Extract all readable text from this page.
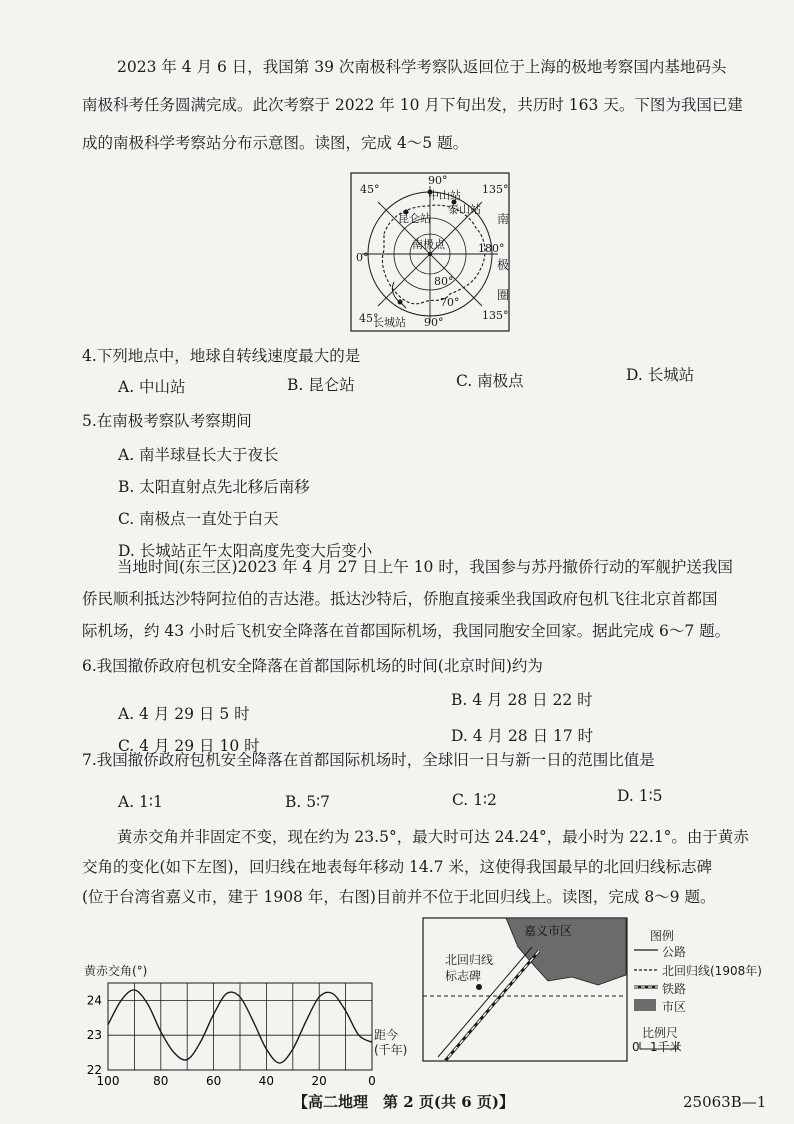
2023 年 4 月 6 日，我国第 39 次南极科学考察队返回位于上海的极地考察国内基地码头
南极科考任务圆满完成。此次考察于 2022 年 10 月下旬出发，共历时 163 天。下图为我国已建
成的南极科学考察站分布示意图。读图，完成 4～5 题。
45°
90°
135°
中山站
泰山站
昆仑站
南极点
0°
180°
80°
70°
45°	90°
135°
长城站
南
极
圈
4.下列地点中，地球自转线速度最大的是
A. 中山站	B. 昆仑站	C. 南极点	D. 长城站
5.在南极考察队考察期间
A. 南半球昼长大于夜长
B. 太阳直射点先北移后南移
C. 南极点一直处于白天
D. 长城站正午太阳高度先变大后变小
当地时间(东三区)2023 年 4 月 27 日上午 10 时，我国参与苏丹撤侨行动的军舰护送我国
侨民顺利抵达沙特阿拉伯的吉达港。抵达沙特后，侨胞直接乘坐我国政府包机飞往北京首都国
际机场，约 43 小时后飞机安全降落在首都国际机场，我国同胞安全回家。据此完成 6～7 题。
6.我国撤侨政府包机安全降落在首都国际机场的时间(北京时间)约为
B. 4 月 28 日 22 时
A. 4 月 29 日 5 时
D. 4 月 28 日 17 时
C. 4 月 29 日 10 时
7.我国撤侨政府包机安全降落在首都国际机场时，全球旧一日与新一日的范围比值是
A. 1∶1	B. 5∶7	C. 1∶2	D. 1∶5
黄赤交角并非固定不变，现在约为 23.5°，最大时可达 24.24°，最小时为 22.1°。由于黄赤
交角的变化(如下左图)，回归线在地表每年移动 14.7 米，这使得我国最早的北回归线标志碑
(位于台湾省嘉义市，建于 1908 年，右图)目前并不位于北回归线上。读图，完成 8～9 题。
黄赤交角(°)
24
23
22
100	80	60	40	20	0
距今(千年)
嘉义市区
北回归线
标志碑
图例
公路
北回归线(1908年)
铁路
市区
比例尺
0 1千米
【高二地理　第 2 页(共 6 页)】	25063B—1
